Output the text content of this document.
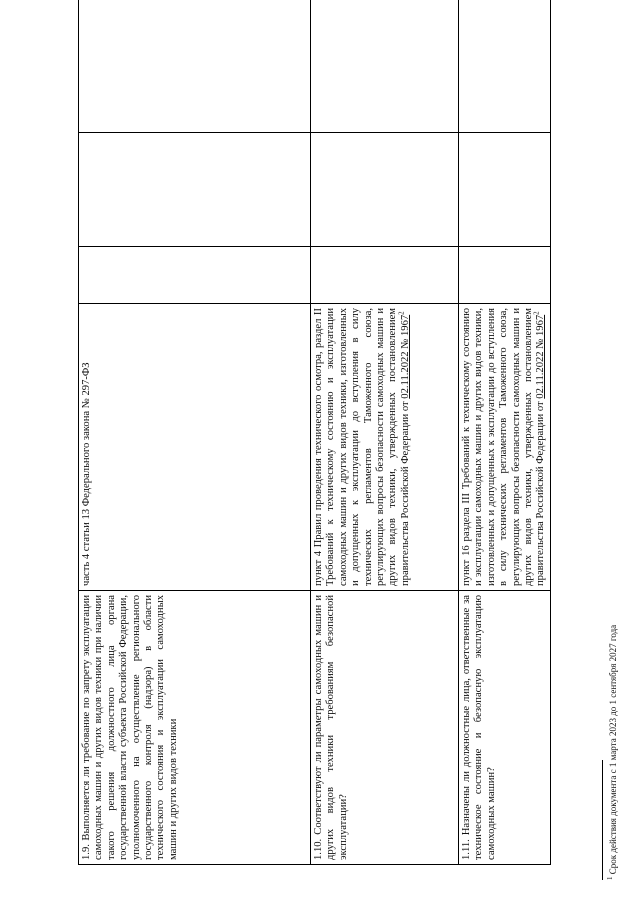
1.9. Выполняется ли требование по запрету эксплуатации самоходных машин и других видов техники при наличии такого решения должностного лица органа государственной власти субъекта Российской Федерации, уполномоченного на осуществление регионального государственного контроля (надзора) в области технического состояния и эксплуатации самоходных машин и других видов техники	часть 4 статьи 13 Федерального закона № 297-ФЗ			
1.10. Соответствуют ли параметры самоходных машин и других видов техники требованиям безопасной эксплуатации?	пункт 4 Правил проведения технического осмотра, раздел II Требований к техническому состоянию и эксплуатации самоходных машин и других видов техники, изготовленных и допущенных к эксплуатации до вступления в силу технических регламентов Таможенного союза, регулирующих вопросы безопасности самоходных машин и других видов техники, утвержденных постановлением правительства Российской Федерации от 02.11.2022 № 1967$^2$			
1.11. Назначены ли должностные лица, ответственные за техническое состояние и безопасную эксплуатацию самоходных машин?	пункт 16 раздела III Требований к техническому состоянию и эксплуатации самоходных машин и других видов техники, изготовленных и допущенных к эксплуатации до вступления в силу технических регламентов Таможенного союза, регулирующих вопросы безопасности самоходных машин и других видов техники, утвержденных постановлением правительства Российской Федерации от 02.11.2022 № 1967$^2$			
$^1$ Срок действия документа с 1 марта 2023 до 1 сентября 2027 года
